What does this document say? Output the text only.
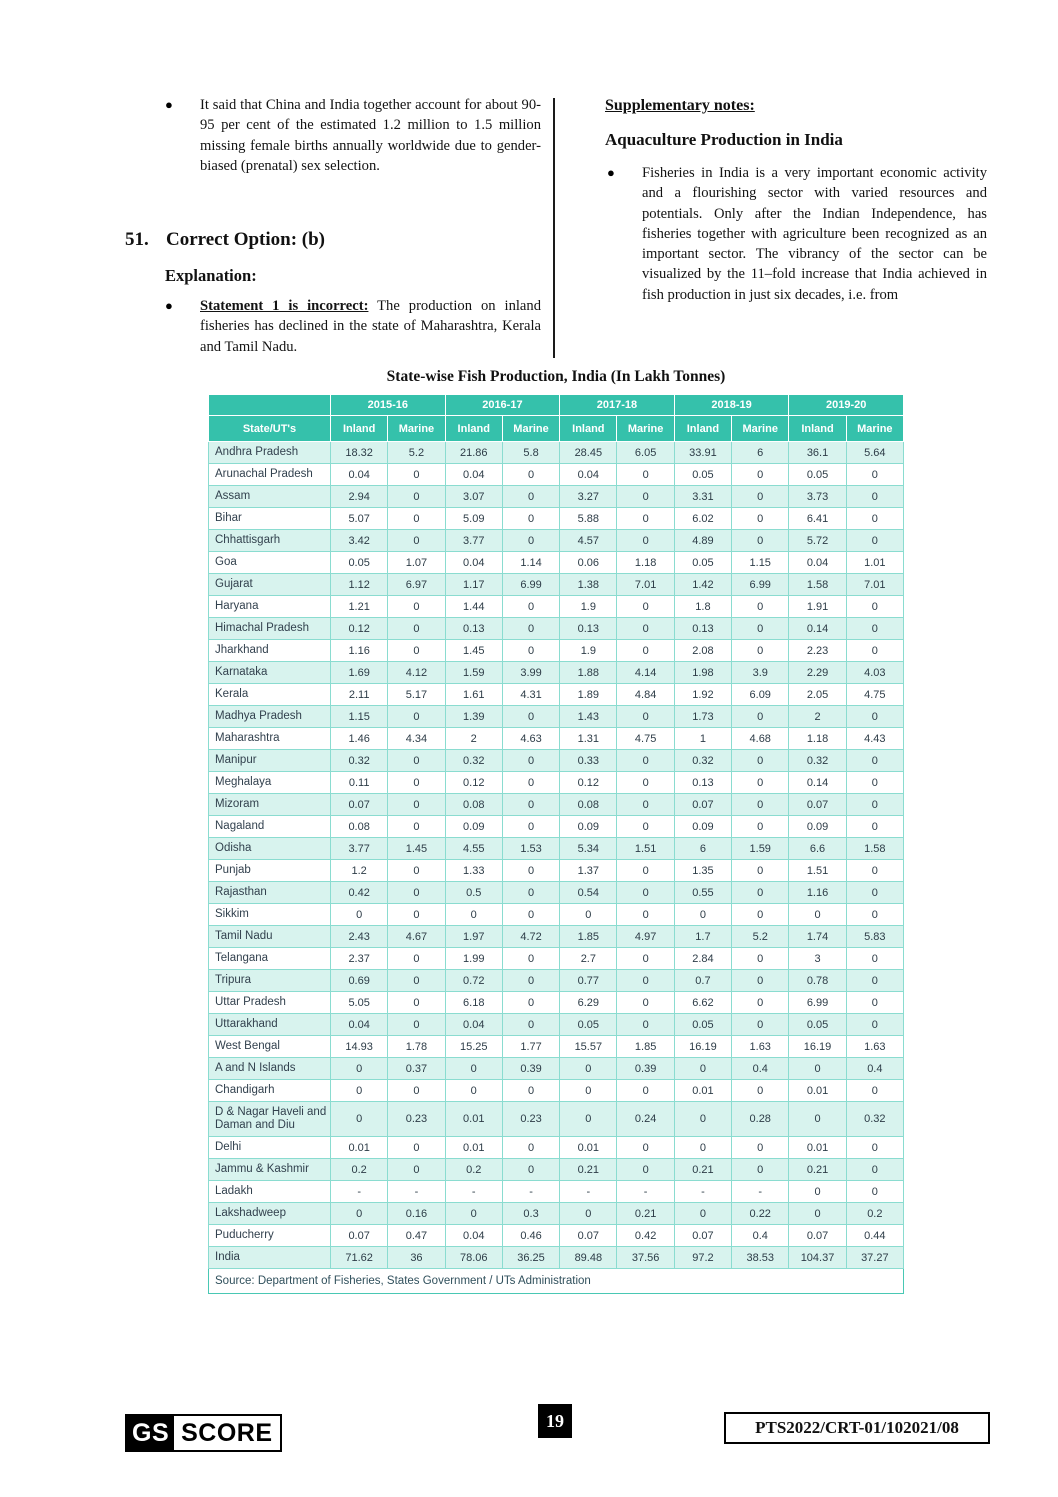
●	It said that China and India together account for about 90-95 per cent of the estimated 1.2 million to 1.5 million missing female births annually worldwide due to gender-biased (prenatal) sex selection.
51. Correct Option: (b)
Explanation:
●	Statement 1 is incorrect: The production on inland fisheries has declined in the state of Maharashtra, Kerala and Tamil Nadu.
Supplementary notes:
Aquaculture Production in India
●	Fisheries in India is a very important economic activity and a flourishing sector with varied resources and potentials. Only after the Indian Independence, has fisheries together with agriculture been recognized as an important sector. The vibrancy of the sector can be visualized by the 11–fold increase that India achieved in fish production in just six decades, i.e. from
State-wise Fish Production, India (In Lakh Tonnes)
	2015-16		2016-17		2017-18		2018-19		2019-20	
State/UT's	Inland	Marine	Inland	Marine	Inland	Marine	Inland	Marine	Inland	Marine
Andhra Pradesh	18.32	5.2	21.86	5.8	28.45	6.05	33.91	6	36.1	5.64
Arunachal Pradesh	0.04	0	0.04	0	0.04	0	0.05	0	0.05	0
Assam	2.94	0	3.07	0	3.27	0	3.31	0	3.73	0
Bihar	5.07	0	5.09	0	5.88	0	6.02	0	6.41	0
Chhattisgarh	3.42	0	3.77	0	4.57	0	4.89	0	5.72	0
Goa	0.05	1.07	0.04	1.14	0.06	1.18	0.05	1.15	0.04	1.01
Gujarat	1.12	6.97	1.17	6.99	1.38	7.01	1.42	6.99	1.58	7.01
Haryana	1.21	0	1.44	0	1.9	0	1.8	0	1.91	0
Himachal Pradesh	0.12	0	0.13	0	0.13	0	0.13	0	0.14	0
Jharkhand	1.16	0	1.45	0	1.9	0	2.08	0	2.23	0
Karnataka	1.69	4.12	1.59	3.99	1.88	4.14	1.98	3.9	2.29	4.03
Kerala	2.11	5.17	1.61	4.31	1.89	4.84	1.92	6.09	2.05	4.75
Madhya Pradesh	1.15	0	1.39	0	1.43	0	1.73	0	2	0
Maharashtra	1.46	4.34	2	4.63	1.31	4.75	1	4.68	1.18	4.43
Manipur	0.32	0	0.32	0	0.33	0	0.32	0	0.32	0
Meghalaya	0.11	0	0.12	0	0.12	0	0.13	0	0.14	0
Mizoram	0.07	0	0.08	0	0.08	0	0.07	0	0.07	0
Nagaland	0.08	0	0.09	0	0.09	0	0.09	0	0.09	0
Odisha	3.77	1.45	4.55	1.53	5.34	1.51	6	1.59	6.6	1.58
Punjab	1.2	0	1.33	0	1.37	0	1.35	0	1.51	0
Rajasthan	0.42	0	0.5	0	0.54	0	0.55	0	1.16	0
Sikkim	0	0	0	0	0	0	0	0	0	0
Tamil Nadu	2.43	4.67	1.97	4.72	1.85	4.97	1.7	5.2	1.74	5.83
Telangana	2.37	0	1.99	0	2.7	0	2.84	0	3	0
Tripura	0.69	0	0.72	0	0.77	0	0.7	0	0.78	0
Uttar Pradesh	5.05	0	6.18	0	6.29	0	6.62	0	6.99	0
Uttarakhand	0.04	0	0.04	0	0.05	0	0.05	0	0.05	0
West Bengal	14.93	1.78	15.25	1.77	15.57	1.85	16.19	1.63	16.19	1.63
A and N Islands	0	0.37	0	0.39	0	0.39	0	0.4	0	0.4
Chandigarh	0	0	0	0	0	0	0.01	0	0.01	0
D & Nagar Haveli and Daman and Diu	0	0.23	0.01	0.23	0	0.24	0	0.28	0	0.32
Delhi	0.01	0	0.01	0	0.01	0	0	0	0.01	0
Jammu & Kashmir	0.2	0	0.2	0	0.21	0	0.21	0	0.21	0
Ladakh	-	-	-	-	-	-	-	-	0	0
Lakshadweep	0	0.16	0	0.3	0	0.21	0	0.22	0	0.2
Puducherry	0.07	0.47	0.04	0.46	0.07	0.42	0.07	0.4	0.07	0.44
India	71.62	36	78.06	36.25	89.48	37.56	97.2	38.53	104.37	37.27
Source: Department of Fisheries, States Government / UTs Administration										
GS SCORE	19	PTS2022/CRT-01/102021/08
